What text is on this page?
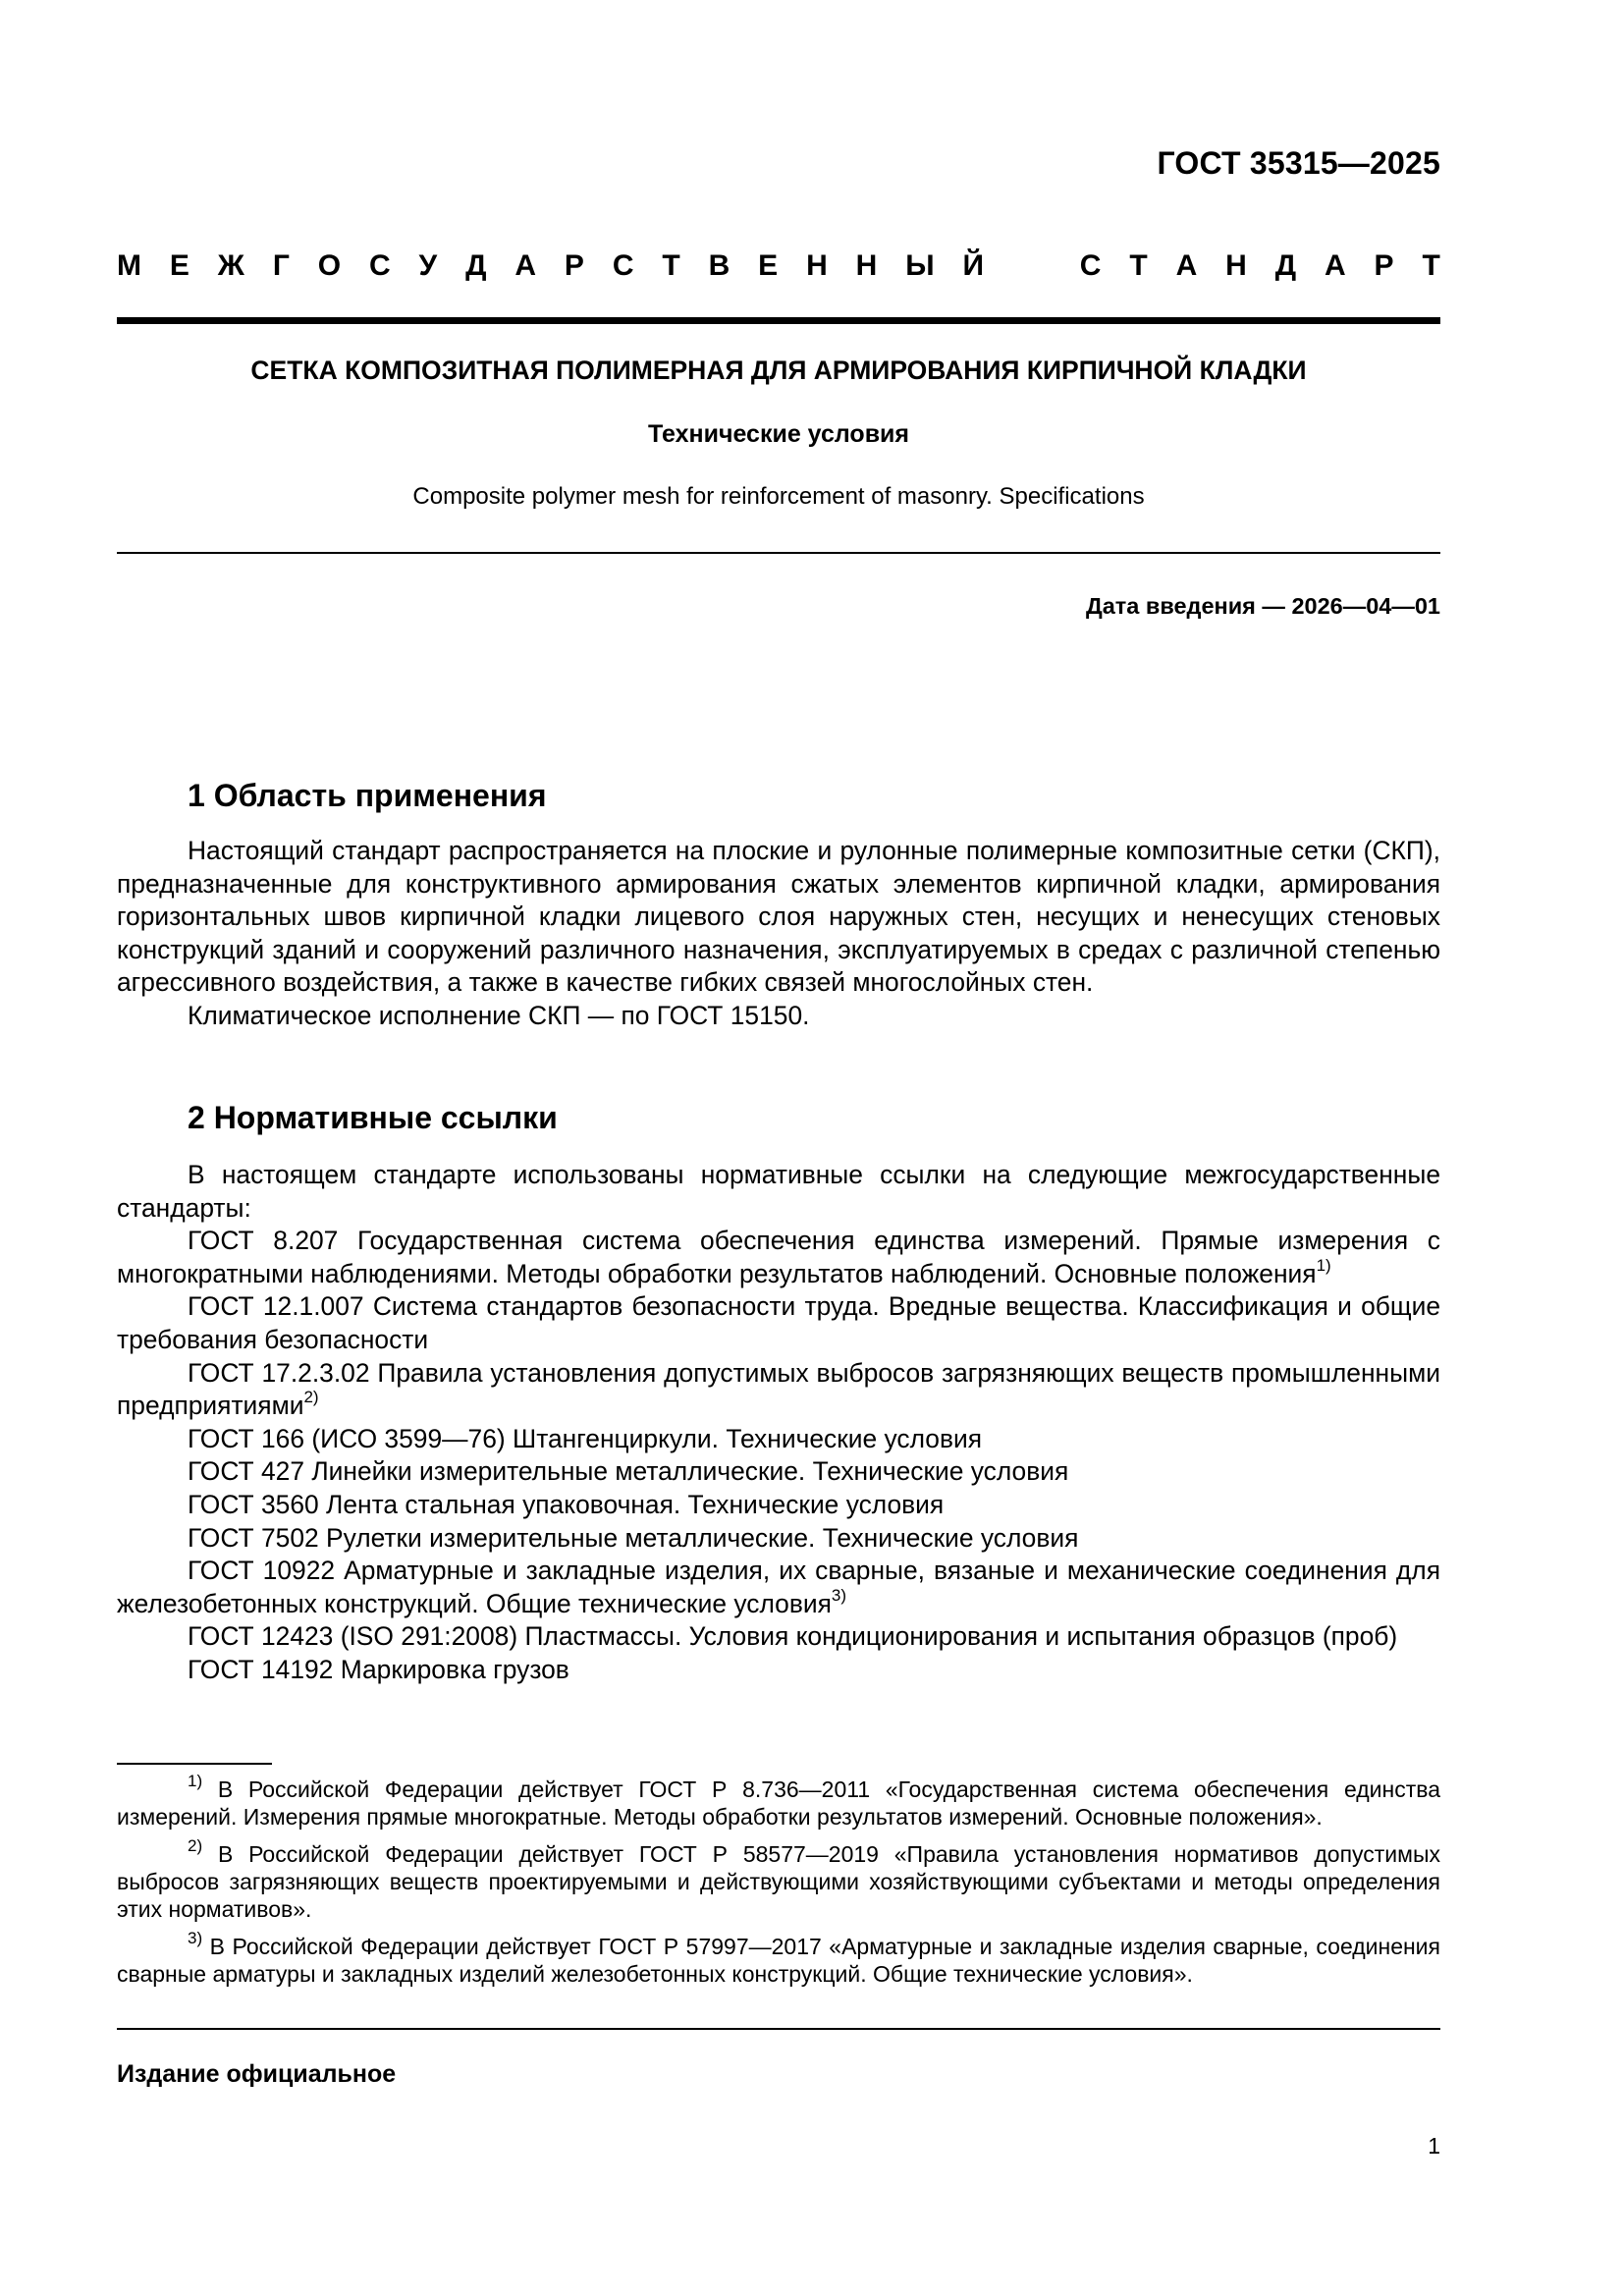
ГОСТ 35315—2025
М Е Ж Г О С У Д А Р С Т В Е Н Н Ы Й	С Т А Н Д А Р Т
СЕТКА КОМПОЗИТНАЯ ПОЛИМЕРНАЯ ДЛЯ АРМИРОВАНИЯ КИРПИЧНОЙ КЛАДКИ
Технические условия
Composite polymer mesh for reinforcement of masonry. Specifications
Дата введения — 2026—04—01
1 Область применения

Настоящий стандарт распространяется на плоские и рулонные полимерные композитные сетки (СКП), предназначенные для конструктивного армирования сжатых элементов кирпичной кладки, армирования горизонтальных швов кирпичной кладки лицевого слоя наружных стен, несущих и ненесущих стеновых конструкций зданий и сооружений различного назначения, эксплуатируемых в средах с различной степенью агрессивного воздействия, а также в качестве гибких связей многослойных стен.

Климатическое исполнение СКП — по ГОСТ 15150.

2 Нормативные ссылки

В настоящем стандарте использованы нормативные ссылки на следующие межгосударственные стандарты:

ГОСТ 8.207 Государственная система обеспечения единства измерений. Прямые измерения с многократными наблюдениями. Методы обработки результатов наблюдений. Основные положения$^{1)}$

ГОСТ 12.1.007 Система стандартов безопасности труда. Вредные вещества. Классификация и общие требования безопасности

ГОСТ 17.2.3.02 Правила установления допустимых выбросов загрязняющих веществ промышленными предприятиями$^{2)}$

ГОСТ 166 (ИСО 3599—76) Штангенциркули. Технические условия

ГОСТ 427 Линейки измерительные металлические. Технические условия

ГОСТ 3560 Лента стальная упаковочная. Технические условия

ГОСТ 7502 Рулетки измерительные металлические. Технические условия

ГОСТ 10922 Арматурные и закладные изделия, их сварные, вязаные и механические соединения для железобетонных конструкций. Общие технические условия$^{3)}$

ГОСТ 12423 (ISO 291:2008) Пластмассы. Условия кондиционирования и испытания образцов (проб)

ГОСТ 14192 Маркировка грузов

$^{1)}$ В Российской Федерации действует ГОСТ Р 8.736—2011 «Государственная система обеспечения единства измерений. Измерения прямые многократные. Методы обработки результатов измерений. Основные положения».

$^{2)}$ В Российской Федерации действует ГОСТ Р 58577—2019 «Правила установления нормативов допустимых выбросов загрязняющих веществ проектируемыми и действующими хозяйствующими субъектами и методы определения этих нормативов».

$^{3)}$ В Российской Федерации действует ГОСТ Р 57997—2017 «Арматурные и закладные изделия сварные, соединения сварные арматуры и закладных изделий железобетонных конструкций. Общие технические условия».

Издание официальное
1
